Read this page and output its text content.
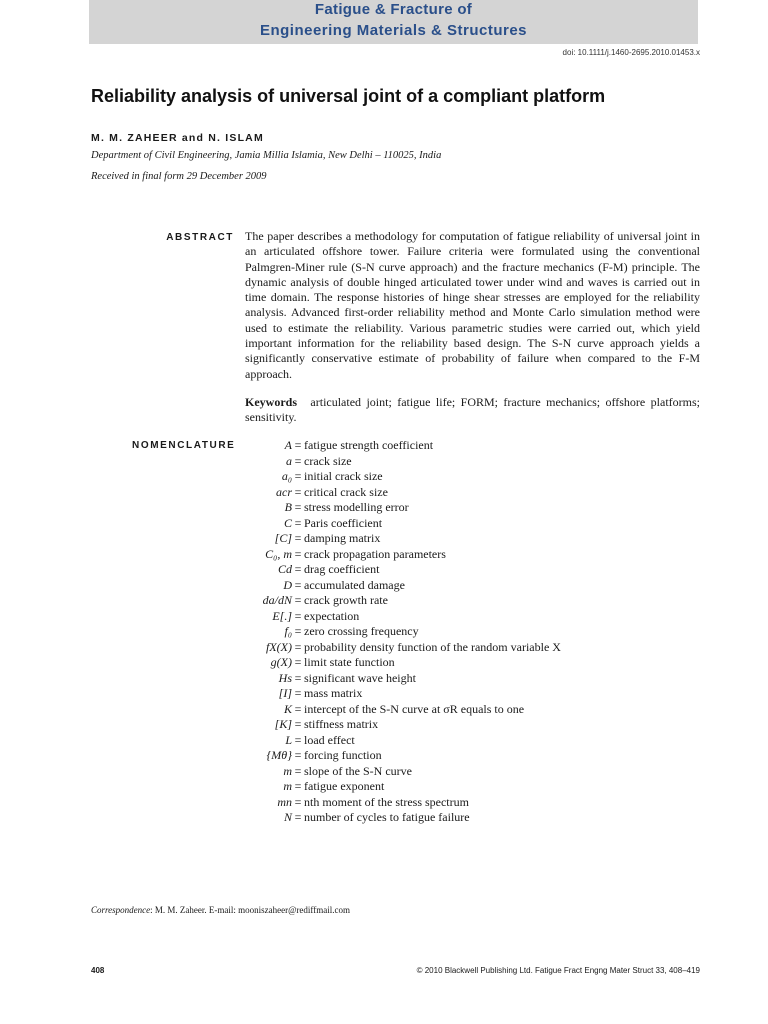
Fatigue & Fracture of
Engineering Materials & Structures
doi: 10.1111/j.1460-2695.2010.01453.x
Reliability analysis of universal joint of a compliant platform
M. M. ZAHEER and N. ISLAM
Department of Civil Engineering, Jamia Millia Islamia, New Delhi – 110025, India
Received in final form 29 December 2009
ABSTRACT The paper describes a methodology for computation of fatigue reliability of universal joint in an articulated offshore tower. Failure criteria were formulated using the conventional Palmgren-Miner rule (S-N curve approach) and the fracture mechanics (F-M) principle. The dynamic analysis of double hinged articulated tower under wind and waves is carried out in time domain. The response histories of hinge shear stresses are employed for the reliability analysis. Advanced first-order reliability method and Monte Carlo simulation method were used to estimate the reliability. Various parametric studies were carried out, which yield important information for the reliability based design. The S-N curve approach yields a significantly conservative estimate of probability of failure when compared to the F-M approach.
Keywords articulated joint; fatigue life; FORM; fracture mechanics; offshore platforms; sensitivity.
NOMENCLATURE	A = fatigue strength coefficient
a = crack size
a₀ = initial crack size
acr = critical crack size
B = stress modelling error
C = Paris coefficient
[C] = damping matrix
C₀, m = crack propagation parameters
Cd = drag coefficient
D = accumulated damage
da/dN = crack growth rate
E[.] = expectation
f₀ = zero crossing frequency
fX(X) = probability density function of the random variable X
g(X) = limit state function
Hs = significant wave height
[I] = mass matrix
K = intercept of the S-N curve at σR equals to one
[K] = stiffness matrix
L = load effect
{Mθ} = forcing function
m = slope of the S-N curve
m = fatigue exponent
mn = nth moment of the stress spectrum
N = number of cycles to fatigue failure
Correspondence: M. M. Zaheer. E-mail: mooniszaheer@rediffmail.com
408	© 2010 Blackwell Publishing Ltd. Fatigue Fract Engng Mater Struct 33, 408–419
